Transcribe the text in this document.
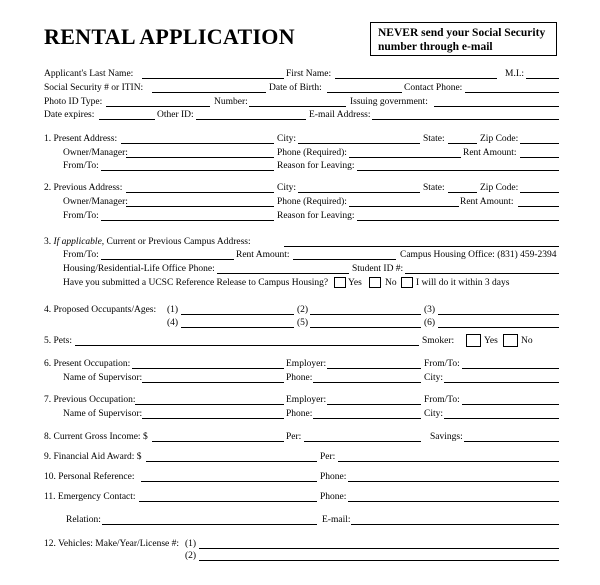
RENTAL APPLICATION	NEVER send your Social Security
number through e-mail
Applicant's Last Name:	First Name:	M.I.:
Social Security # or ITIN:	Date of Birth:	Contact Phone:
Photo ID Type:	Number:	Issuing government:
Date expires:	Other ID:	E-mail Address:
1. Present Address:	City:	State:	Zip Code:
Owner/Manager:	Phone (Required):	Rent Amount:
From/To:	Reason for Leaving:
2. Previous Address:	City:	State:	Zip Code:
Owner/Manager:	Phone (Required):	Rent Amount:
From/To:	Reason for Leaving:
3. If applicable, Current or Previous Campus Address:
From/To:	Rent Amount:	Campus Housing Office: (831) 459-2394
Housing/Residential-Life Office Phone:	Student ID #:
Have you submitted a UCSC Reference Release to Campus Housing? Yes No I will do it within 3 days
4. Proposed Occupants/Ages: (1)	(2)	(3)
(4)	(5)	(6)
5. Pets:	Smoker:	Yes No
6. Present Occupation:	Employer:	From/To:
Name of Supervisor:	Phone:	City:
7. Previous Occupation:	Employer:	From/To:
Name of Supervisor:	Phone:	City:
8. Current Gross Income: $	Per:	Savings:
9. Financial Aid Award: $	Per:
10. Personal Reference:	Phone:
11. Emergency Contact:	Phone:
Relation:	E-mail:
12. Vehicles: Make/Year/License #: (1)
(2)
